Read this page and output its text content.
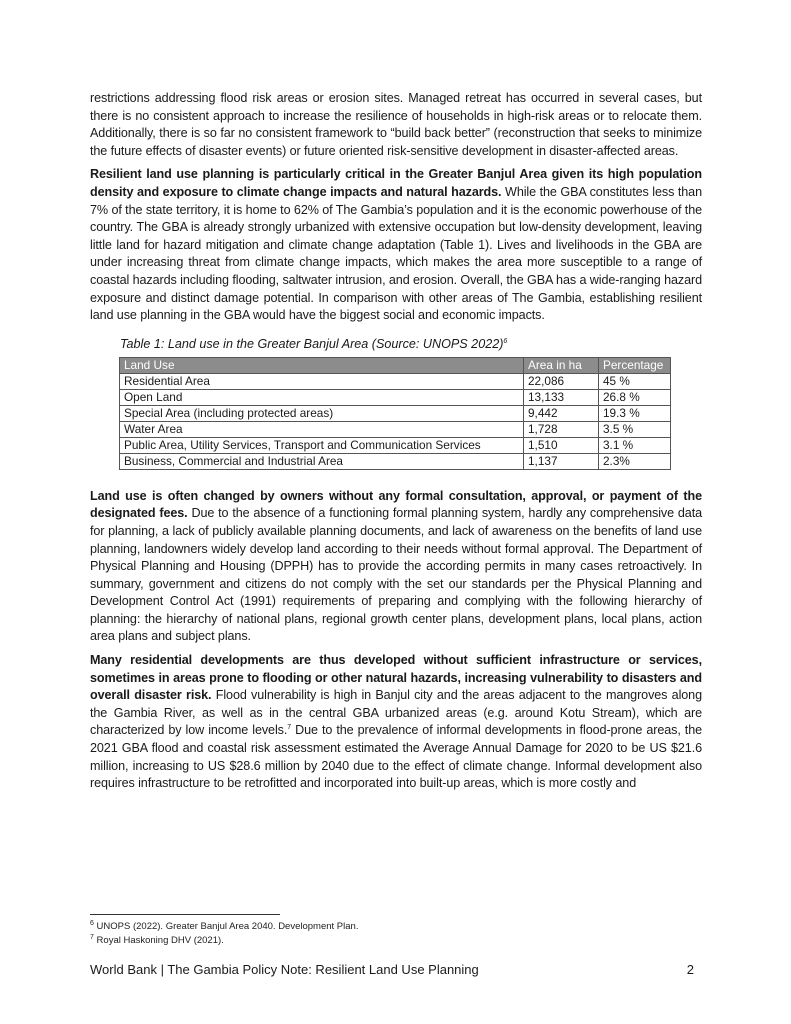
restrictions addressing flood risk areas or erosion sites. Managed retreat has occurred in several cases, but there is no consistent approach to increase the resilience of households in high-risk areas or to relocate them. Additionally, there is so far no consistent framework to “build back better” (reconstruction that seeks to minimize the future effects of disaster events) or future oriented risk-sensitive development in disaster-affected areas.

Resilient land use planning is particularly critical in the Greater Banjul Area given its high population density and exposure to climate change impacts and natural hazards. While the GBA constitutes less than 7% of the state territory, it is home to 62% of The Gambia’s population and it is the economic powerhouse of the country. The GBA is already strongly urbanized with extensive occupation but low-density development, leaving little land for hazard mitigation and climate change adaptation (Table 1). Lives and livelihoods in the GBA are under increasing threat from climate change impacts, which makes the area more susceptible to a range of coastal hazards including flooding, saltwater intrusion, and erosion. Overall, the GBA has a wide-ranging hazard exposure and distinct damage potential. In comparison with other areas of The Gambia, establishing resilient land use planning in the GBA would have the biggest social and economic impacts.

Table 1: Land use in the Greater Banjul Area (Source: UNOPS 2022)$^6$
Land Use	Area in ha	Percentage
Residential Area	22,086	45 %
Open Land	13,133	26.8 %
Special Area (including protected areas)	9,442	19.3 %
Water Area	1,728	3.5 %
Public Area, Utility Services, Transport and Communication Services	1,510	3.1 %
Business, Commercial and Industrial Area	1,137	2.3%

Land use is often changed by owners without any formal consultation, approval, or payment of the designated fees. Due to the absence of a functioning formal planning system, hardly any comprehensive data for planning, a lack of publicly available planning documents, and lack of awareness on the benefits of land use planning, landowners widely develop land according to their needs without formal approval. The Department of Physical Planning and Housing (DPPH) has to provide the according permits in many cases retroactively. In summary, government and citizens do not comply with the set our standards per the Physical Planning and Development Control Act (1991) requirements of preparing and complying with the following hierarchy of planning: the hierarchy of national plans, regional growth center plans, development plans, local plans, action area plans and subject plans.

Many residential developments are thus developed without sufficient infrastructure or services, sometimes in areas prone to flooding or other natural hazards, increasing vulnerability to disasters and overall disaster risk. Flood vulnerability is high in Banjul city and the areas adjacent to the mangroves along the Gambia River, as well as in the central GBA urbanized areas (e.g. around Kotu Stream), which are characterized by low income levels.$^7$ Due to the prevalence of informal developments in flood-prone areas, the 2021 GBA flood and coastal risk assessment estimated the Average Annual Damage for 2020 to be US $21.6 million, increasing to US $28.6 million by 2040 due to the effect of climate change. Informal development also requires infrastructure to be retrofitted and incorporated into built-up areas, which is more costly and

$^6$ UNOPS (2022). Greater Banjul Area 2040. Development Plan.
$^7$ Royal Haskoning DHV (2021).
World Bank | The Gambia Policy Note: Resilient Land Use Planning	2
